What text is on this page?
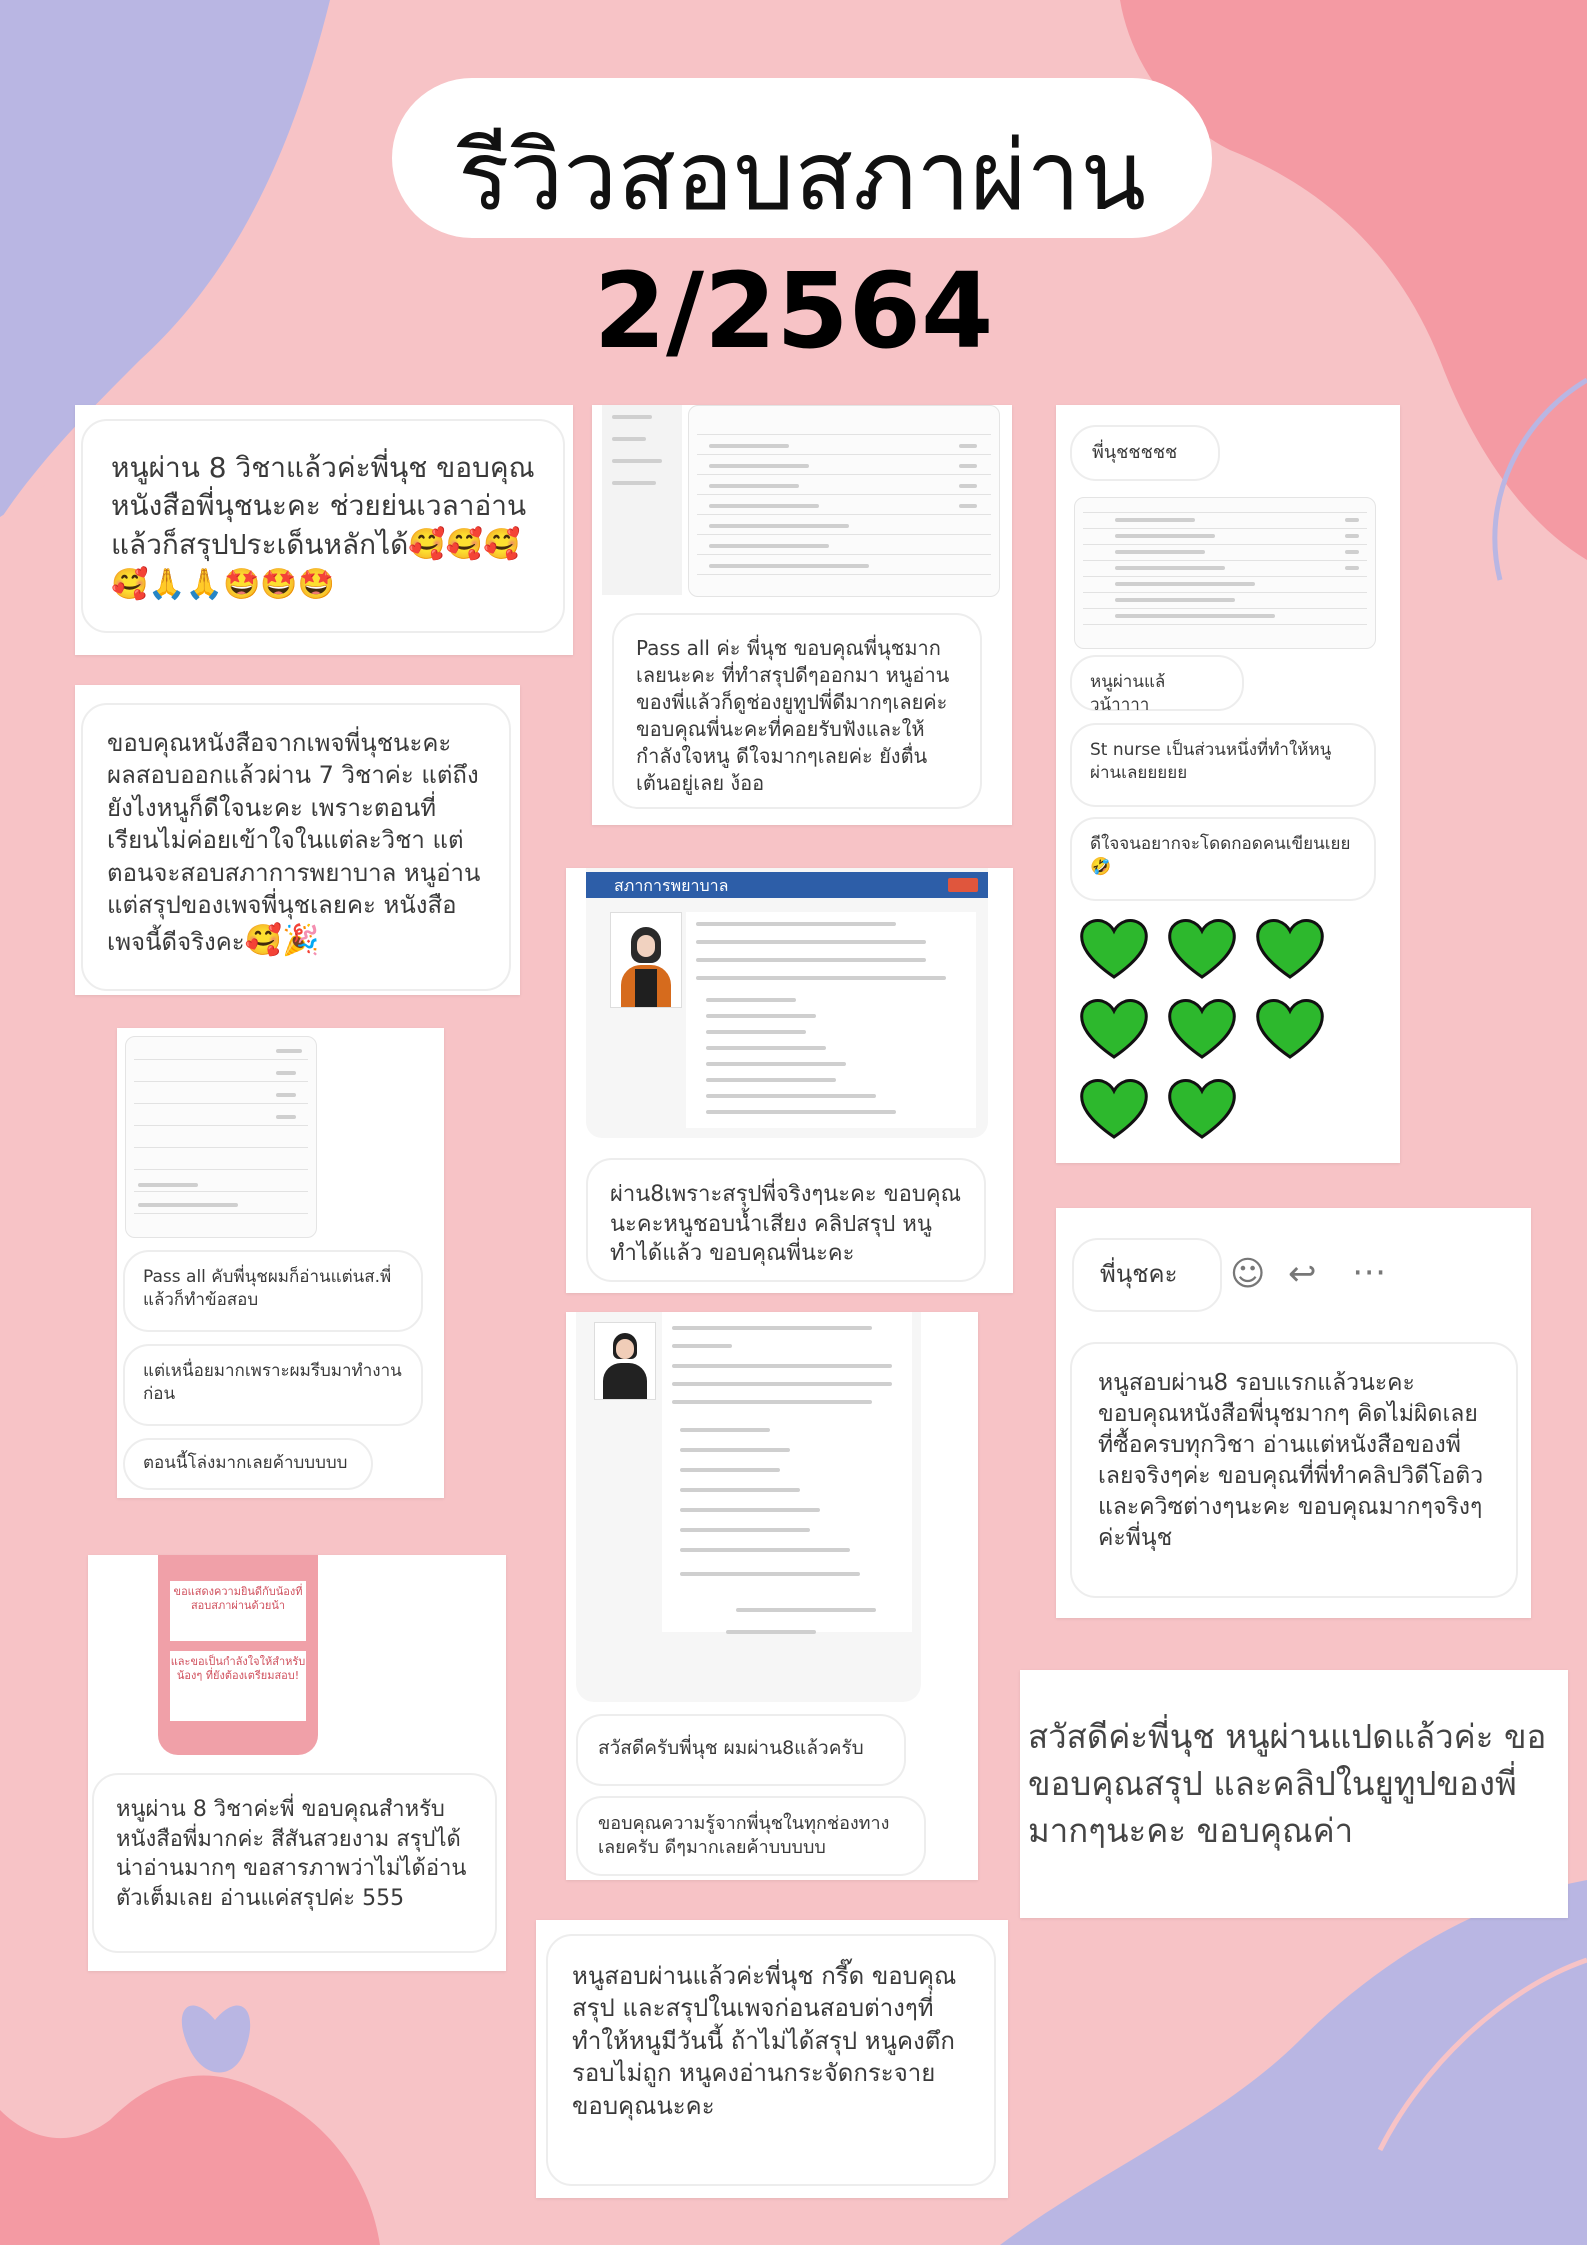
รีวิวสอบสภาผ่าน
2/2564
หนูผ่าน 8 วิชาแล้วค่ะพี่นุช ขอบคุณหนังสือพี่นุชนะคะ ช่วยย่นเวลาอ่านแล้วก็สรุปประเด็นหลักได้🥰🥰🥰🥰🙏🙏🤩🤩🤩
ขอบคุณหนังสือจากเพจพี่นุชนะคะ ผลสอบออกแล้วผ่าน 7 วิชาค่ะ แต่ถึงยังไงหนูก็ดีใจนะคะ เพราะตอนที่เรียนไม่ค่อยเข้าใจในแต่ละวิชา แต่ตอนจะสอบสภาการพยาบาล หนูอ่านแต่สรุปของเพจพี่นุชเลยคะ หนังสือเพจนี้ดีจริงคะ🥰🎉
Pass all คับพี่นุชผมก็อ่านแต่นส.พี่แล้วก็ทำข้อสอบ
แต่เหนื่อยมากเพราะผมรีบมาทำงานก่อน
ตอนนี้โล่งมากเลยค้าบบบบบ
ขอแสดงความยินดีกับน้องที่สอบสภาผ่านด้วยน้า
และขอเป็นกำลังใจให้สำหรับน้องๆ ที่ยังต้องเตรียมสอบ!
หนูผ่าน 8 วิชาค่ะพี่ ขอบคุณสำหรับหนังสือพี่มากค่ะ สีสันสวยงาม สรุปได้น่าอ่านมากๆ ขอสารภาพว่าไม่ได้อ่านตัวเต็มเลย อ่านแค่สรุปค่ะ 555
Pass all ค่ะ พี่นุช ขอบคุณพี่นุชมากเลยนะคะ ที่ทำสรุปดีๆออกมา หนูอ่านของพี่แล้วก็ดูช่องยูทูปพี่ดีมากๆเลยค่ะ ขอบคุณพี่นะคะที่คอยรับฟังและให้กำลังใจหนู ดีใจมากๆเลยค่ะ ยังตื่นเต้นอยู่เลย ง้ออ
สภาการพยาบาล
ผ่าน8เพราะสรุปพี่จริงๆนะคะ ขอบคุณนะคะหนูชอบน้ำเสียง คลิปสรุป หนูทำได้แล้ว ขอบคุณพี่นะคะ
สวัสดีครับพี่นุช ผมผ่าน8แล้วครับ
ขอบคุณความรู้จากพี่นุชในทุกช่องทางเลยครับ ดีๆมากเลยค้าบบบบบ
หนูสอบผ่านแล้วค่ะพี่นุช กรี๊ด ขอบคุณสรุป และสรุปในเพจก่อนสอบต่างๆที่ทำให้หนูมีวันนี้ ถ้าไม่ได้สรุป หนูคงตึกรอบไม่ถูก หนูคงอ่านกระจัดกระจาย ขอบคุณนะคะ
พี่นุชชชชช
หนูผ่านแล้วน้าาาา
St nurse เป็นส่วนหนึ่งที่ทำให้หนูผ่านเลยยยยย
ดีใจจนอยากจะโดดกอดคนเขียนเยย
🤣
พี่นุชคะ	☺ ↩ ⋯
หนูสอบผ่าน8 รอบแรกแล้วนะคะ ขอบคุณหนังสือพี่นุชมากๆ คิดไม่ผิดเลยที่ซื้อครบทุกวิชา อ่านแต่หนังสือของพี่เลยจริงๆค่ะ ขอบคุณที่พี่ทำคลิปวิดีโอติวและควิซต่างๆนะคะ ขอบคุณมากๆจริงๆค่ะพี่นุช
สวัสดีค่ะพี่นุช หนูผ่านแปดแล้วค่ะ ขอขอบคุณสรุป และคลิปในยูทูปของพี่มากๆนะคะ ขอบคุณค่า
